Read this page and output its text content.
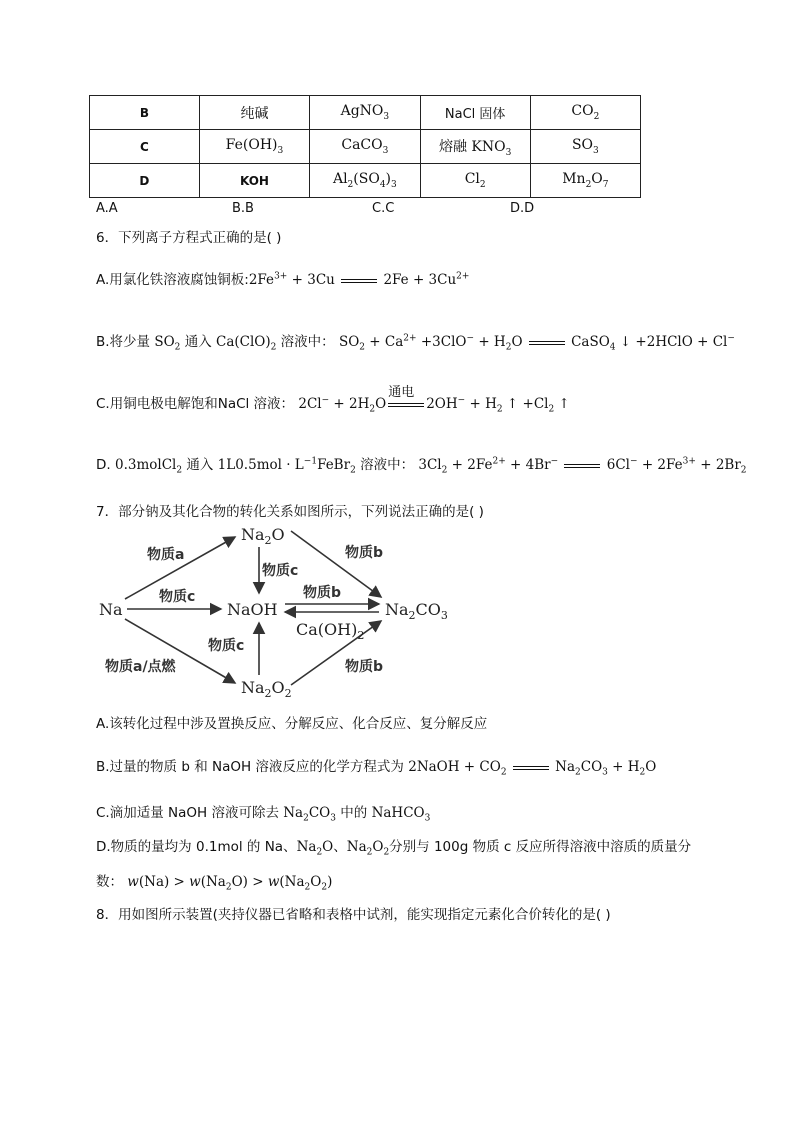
B	纯碱	AgNO$_3$	NaCl 固体	$CO_2$
C	$Fe(OH)_3$	CaCO$_3$	熔融 $KNO_3$	$SO_3$
D	KOH	$Al_2(SO_4)_3$	$Cl_2$	$Mn_2O_7$
A.A	B.B	C.C	D.D
6．下列离子方程式正确的是( )
A.用氯化铁溶液腐蚀铜板$:2Fe^{3+} + 3Cu$	$2Fe + 3Cu^{2+}$
B.将少量 $SO_2$ 通入 $Ca(ClO)_2$ 溶液中： $SO_2 + Ca^{2+} +3ClO^- + H_2O$	CaSO$_4$ ↓ +2HClO + Cl−
C.用铜电极电解饱和NaCl 溶液： $2Cl^- + 2H_2O$
通电
$2OH^- + H_2$ ↑ $+Cl_2$ ↑
D. 0.3molCl$_2$ 通入 $1L0.5mol \cdot L^{-1}FeBr_2$ 溶液中： $3Cl_2 + 2Fe^{2+} + 4Br^-$	$6Cl^- + 2Fe^{3+} + 2Br_2$
7．部分钠及其化合物的转化关系如图所示，下列说法正确的是( )
Na
$Na_2O$
NaOH	$Na_2CO_3$
$Na_2O_2$
物质a	物质b
物质c
物质c
物质b
$Ca(OH)_2$
物质c
物质a/点燃	物质b
A.该转化过程中涉及置换反应、分解反应、化合反应、复分解反应
B.过量的物质 b 和 NaOH 溶液反应的化学方程式为 2NaOH + $CO_2$	$Na_2CO_3 + H_2O$
C.滴加适量 NaOH 溶液可除去 $Na_2CO_3$ 中的 NaHCO$_3$
D.物质的量均为 0.1mol 的 Na、$Na_2O$、$Na_2O_2$分别与 100g 物质 c 反应所得溶液中溶质的质量分
数： $w(Na) > w(Na_2O) > w(Na_2O_2)$
8．用如图所示装置(夹持仪器已省略和表格中试剂，能实现指定元素化合价转化的是( )
